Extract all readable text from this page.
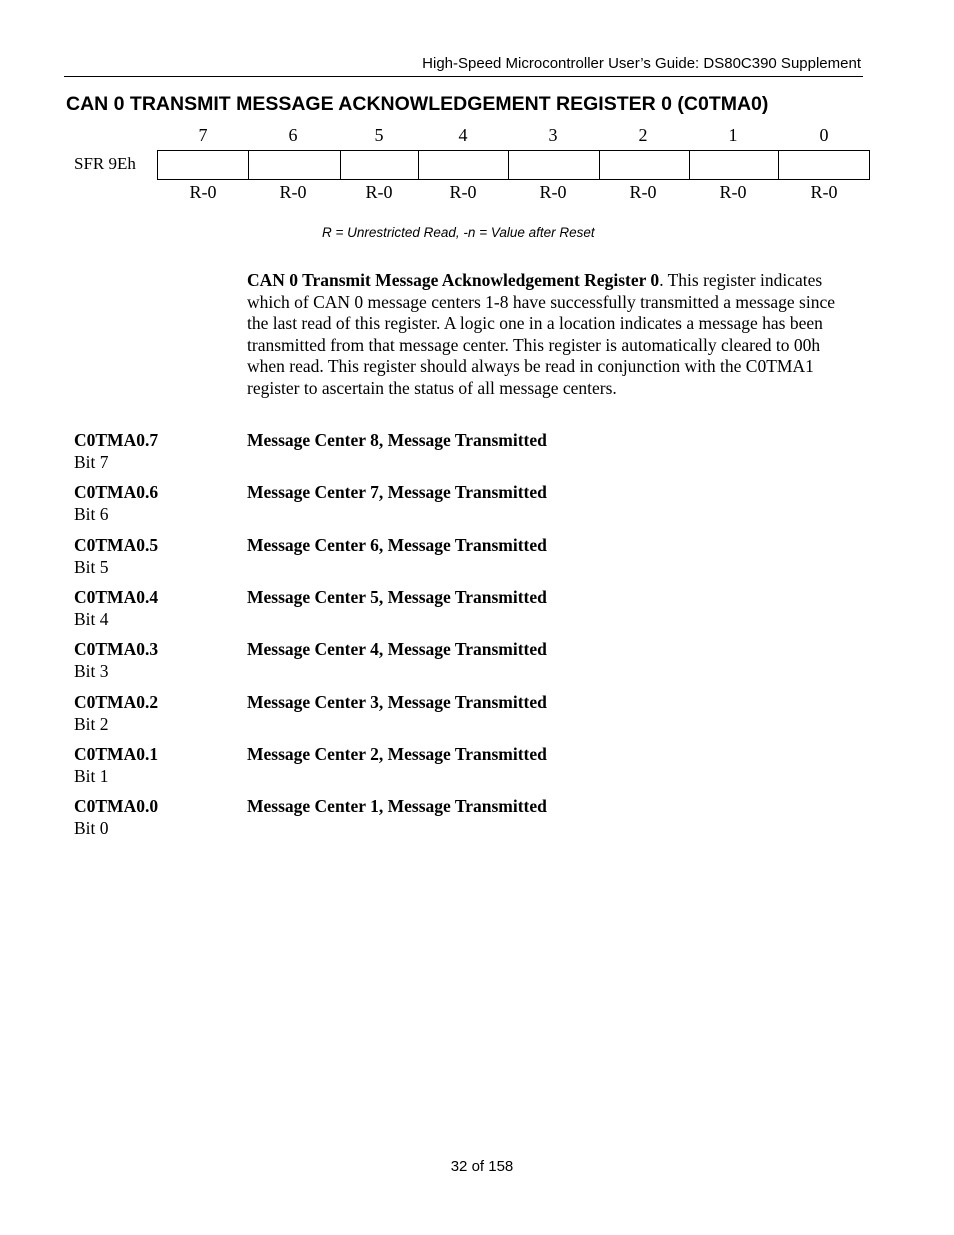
High-Speed Microcontroller User’s Guide: DS80C390 Supplement
CAN 0 TRANSMIT MESSAGE ACKNOWLEDGEMENT REGISTER 0 (C0TMA0)
7	6	5	4	3	2	1	0
SFR 9Eh
R-0	R-0	R-0	R-0	R-0	R-0	R-0	R-0
R = Unrestricted Read, -n = Value after Reset
CAN 0 Transmit Message Acknowledgement Register 0. This register indicates which of CAN 0 message centers 1-8 have successfully transmitted a message since the last read of this register. A logic one in a location indicates a message has been transmitted from that message center. This register is automatically cleared to 00h when read. This register should always be read in conjunction with the C0TMA1 register to ascertain the status of all message centers.
C0TMA0.7
Bit 7
Message Center 8, Message Transmitted
C0TMA0.6
Bit 6
Message Center 7, Message Transmitted
C0TMA0.5
Bit 5
Message Center 6, Message Transmitted
C0TMA0.4
Bit 4
Message Center 5, Message Transmitted
C0TMA0.3
Bit 3
Message Center 4, Message Transmitted
C0TMA0.2
Bit 2
Message Center 3, Message Transmitted
C0TMA0.1
Bit 1
Message Center 2, Message Transmitted
C0TMA0.0
Bit 0
Message Center 1, Message Transmitted
32 of 158
